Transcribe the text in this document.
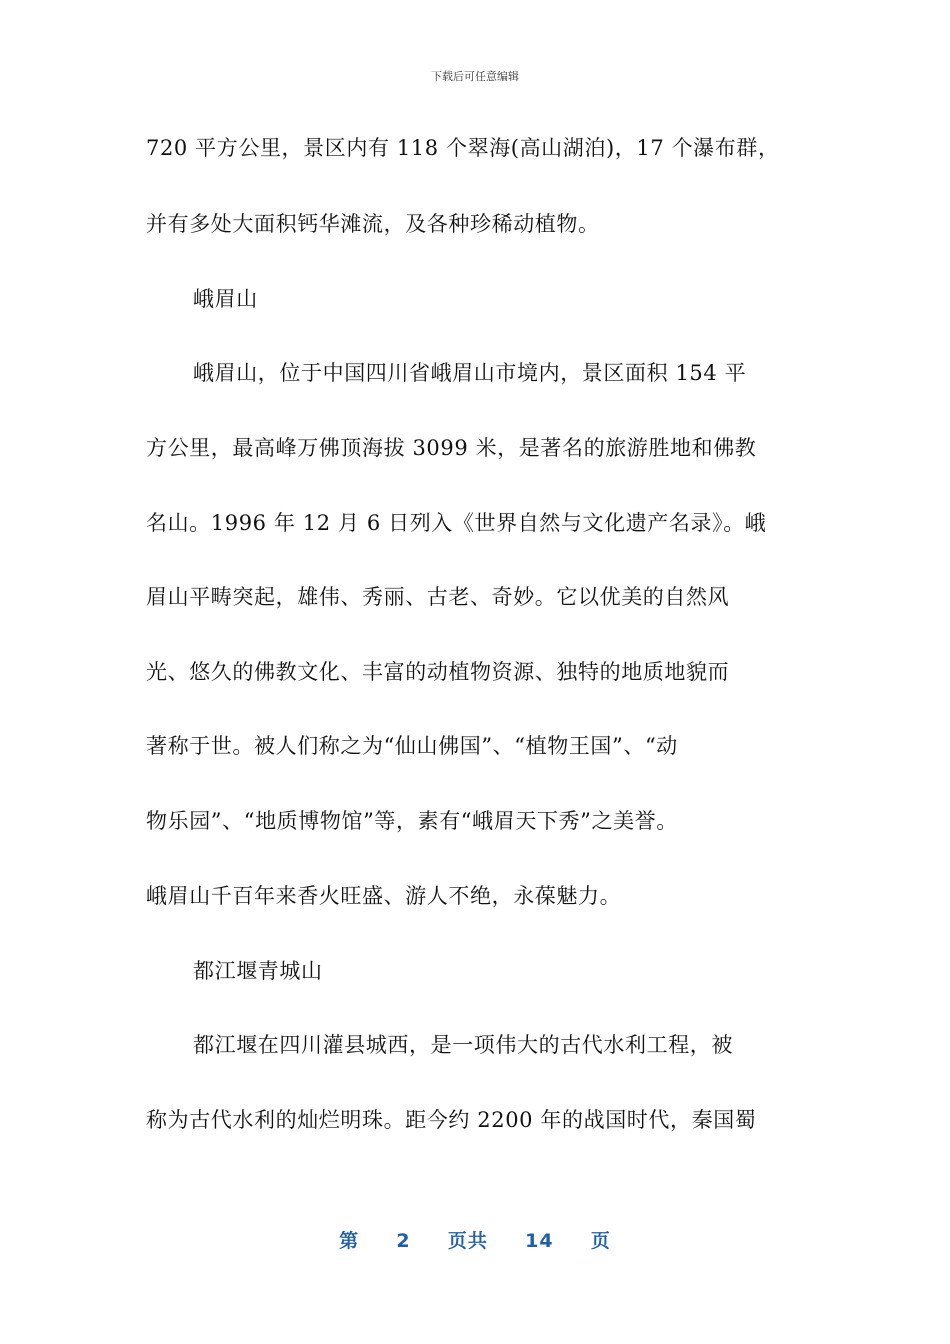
下载后可任意编辑
720 平方公里，景区内有 118 个翠海(高山湖泊)，17 个瀑布群，
并有多处大面积钙华滩流，及各种珍稀动植物。
峨眉山
峨眉山，位于中国四川省峨眉山市境内，景区面积 154 平
方公里，最高峰万佛顶海拔 3099 米，是著名的旅游胜地和佛教
名山。1996 年 12 月 6 日列入《世界自然与文化遗产名录》。峨
眉山平畴突起，雄伟、秀丽、古老、奇妙。它以优美的自然风
光、悠久的佛教文化、丰富的动植物资源、独特的地质地貌而
著称于世。被人们称之为“仙山佛国”、“植物王国”、“动
物乐园”、“地质博物馆”等，素有“峨眉天下秀”之美誉。
峨眉山千百年来香火旺盛、游人不绝，永葆魅力。
都江堰青城山
都江堰在四川灌县城西，是一项伟大的古代水利工程，被
称为古代水利的灿烂明珠。距今约 2200 年的战国时代，秦国蜀
第 2 页共 14 页
